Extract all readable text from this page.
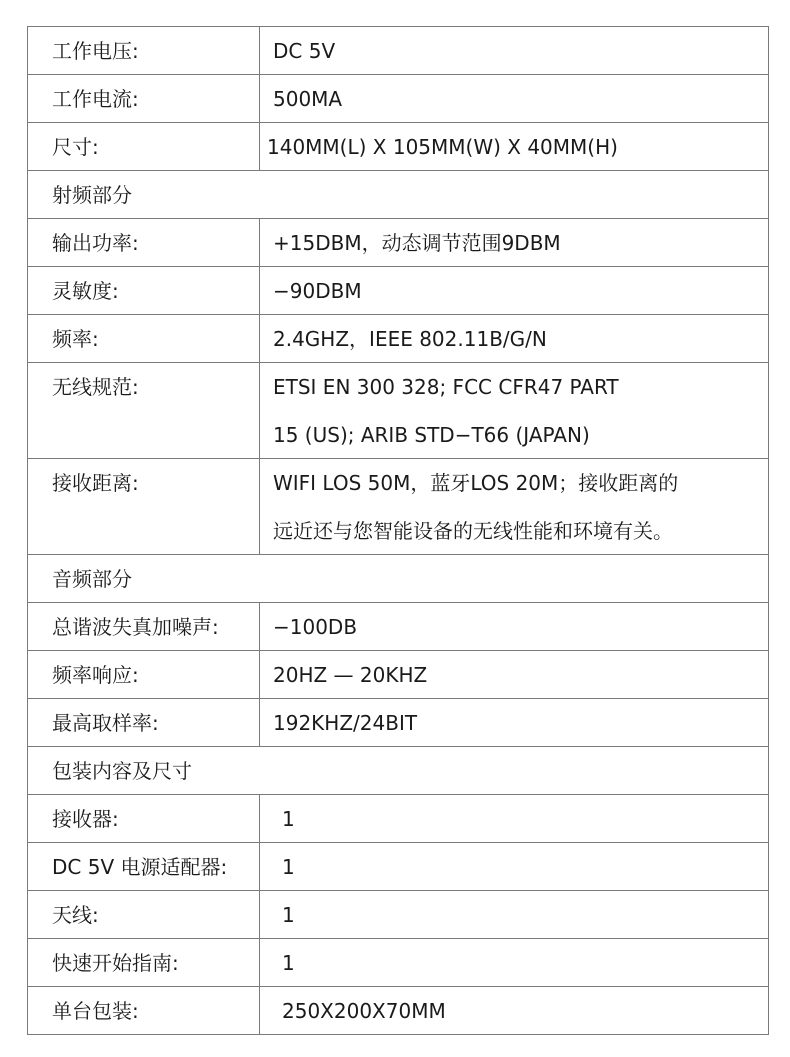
工作电压:	DC 5V
工作电流:	500MA
尺寸:	140MM(L) X 105MM(W) X 40MM(H)
射频部分
输出功率:	+15DBM，动态调节范围9DBM
灵敏度:	−90DBM
频率:	2.4GHZ，IEEE 802.11B/G/N
无线规范:	ETSI EN 300 328; FCC CFR47 PART
15 (US); ARIB STD−T66 (JAPAN)
接收距离:	WIFI LOS 50M，蓝牙LOS 20M；接收距离的
远近还与您智能设备的无线性能和环境有关。
音频部分
总谐波失真加噪声:	−100DB
频率响应:	20HZ — 20KHZ
最高取样率:	192KHZ/24BIT
包装内容及尺寸
接收器:	1
DC 5V 电源适配器:	1
天线:	1
快速开始指南:	1
单台包装:	250X200X70MM
